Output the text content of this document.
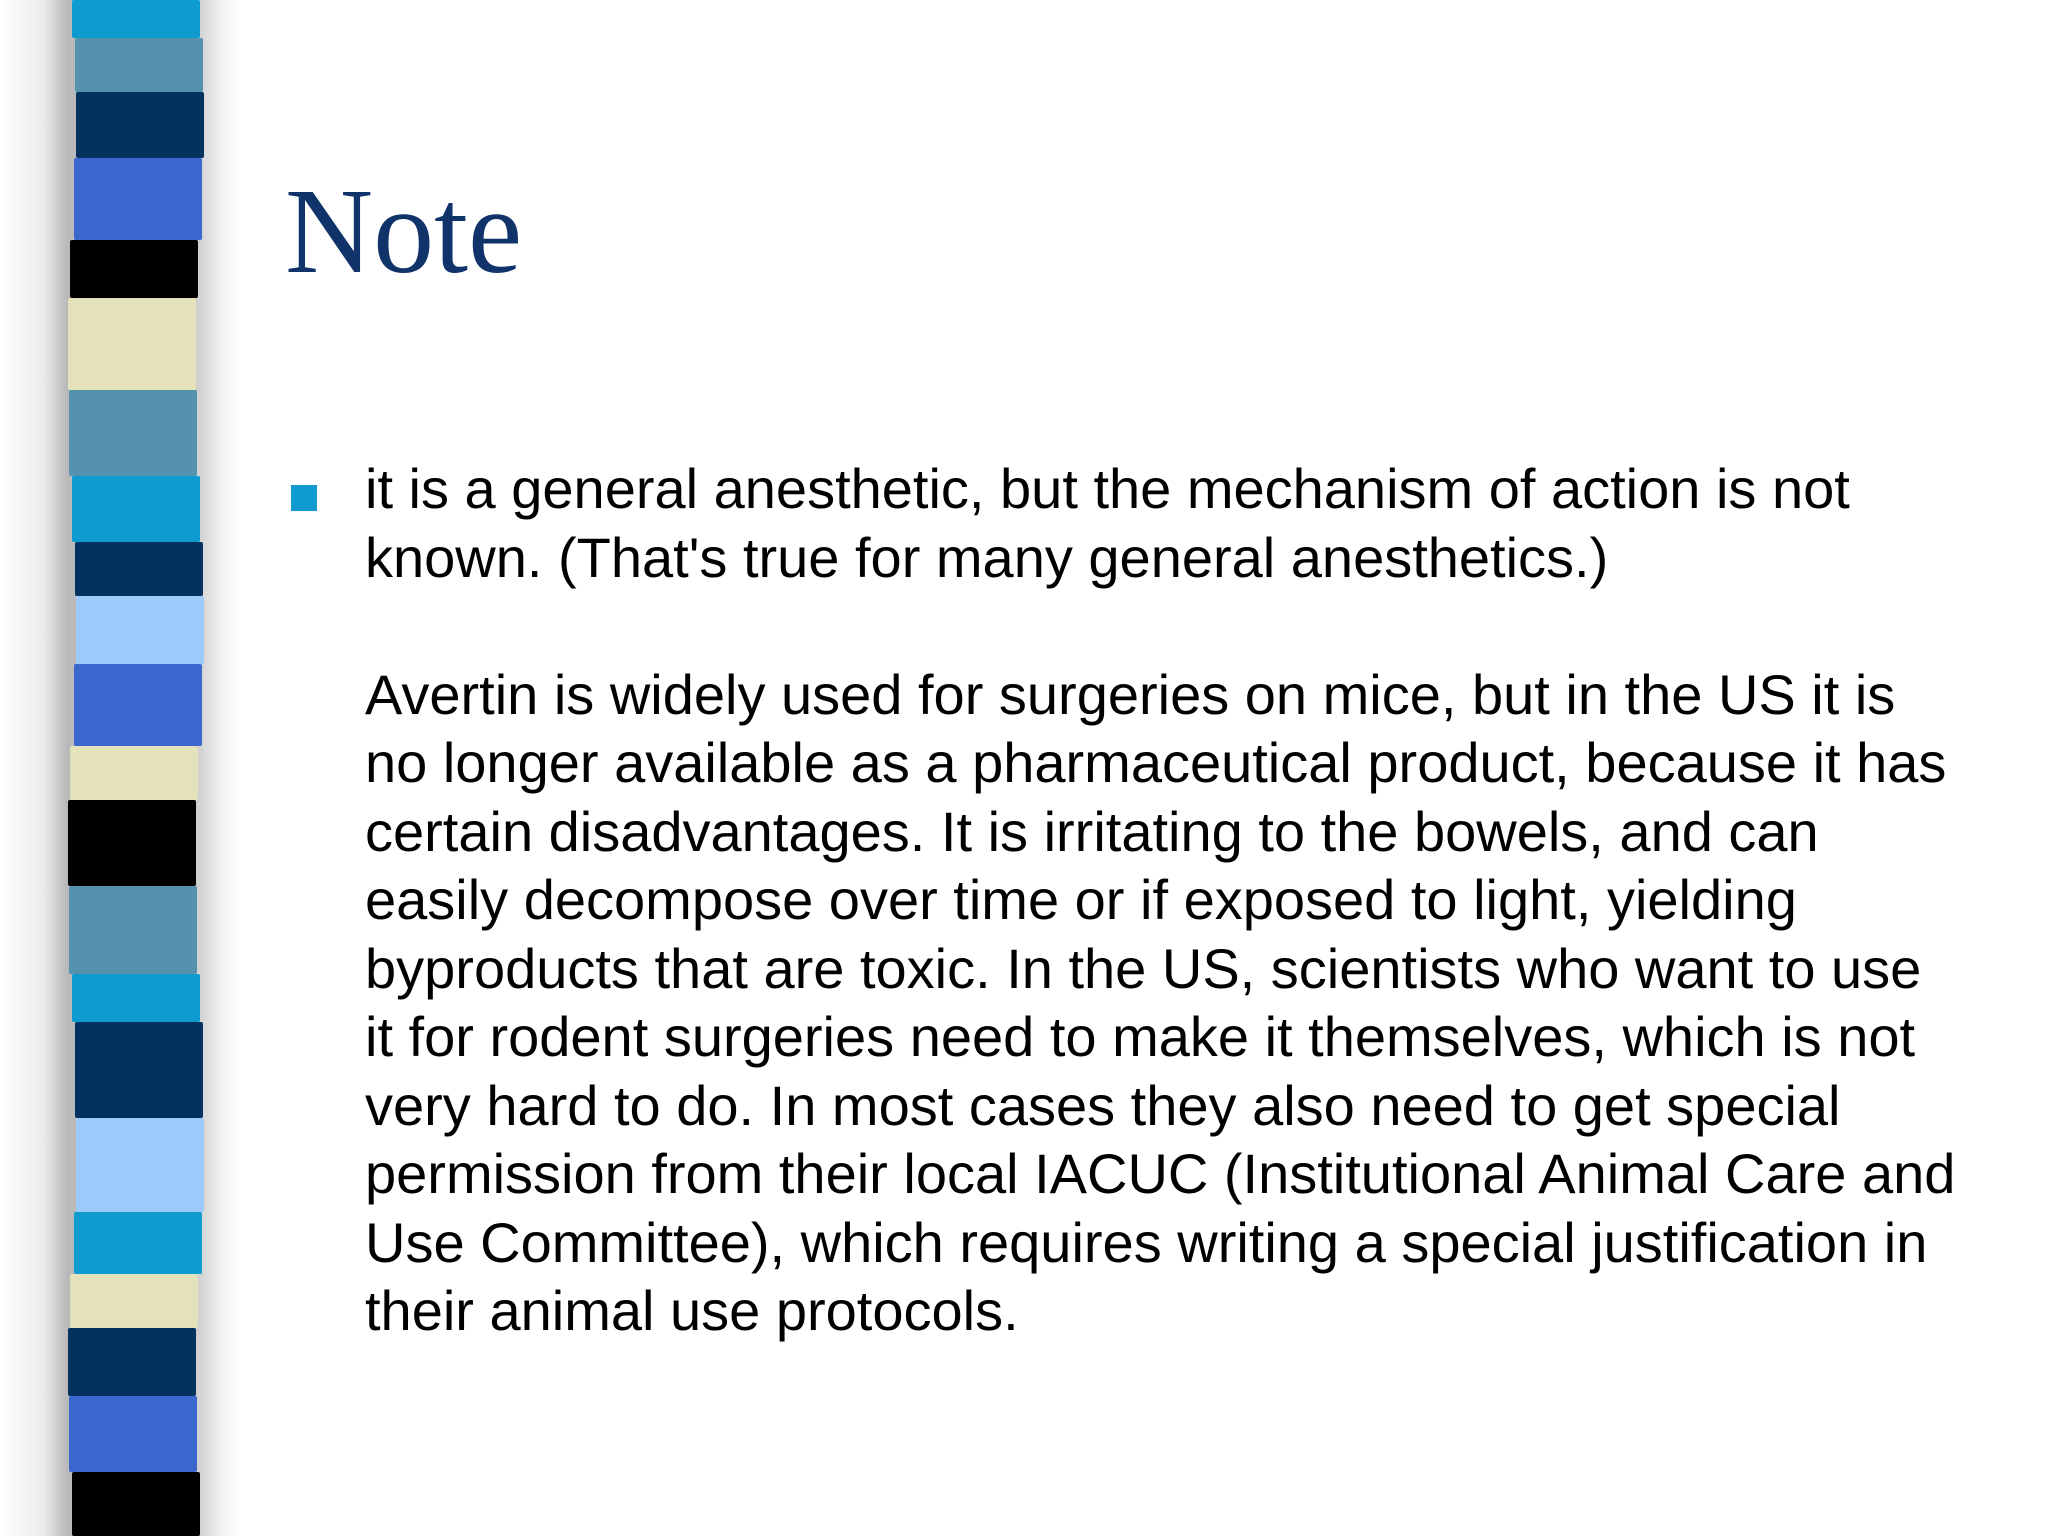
Note

it is a general anesthetic, but the mechanism of action is not
known. (That's true for many general anesthetics.)

Avertin is widely used for surgeries on mice, but in the US it is
no longer available as a pharmaceutical product, because it has
certain disadvantages. It is irritating to the bowels, and can
easily decompose over time or if exposed to light, yielding
byproducts that are toxic. In the US, scientists who want to use
it for rodent surgeries need to make it themselves, which is not
very hard to do. In most cases they also need to get special
permission from their local IACUC (Institutional Animal Care and
Use Committee), which requires writing a special justification in
their animal use protocols.
